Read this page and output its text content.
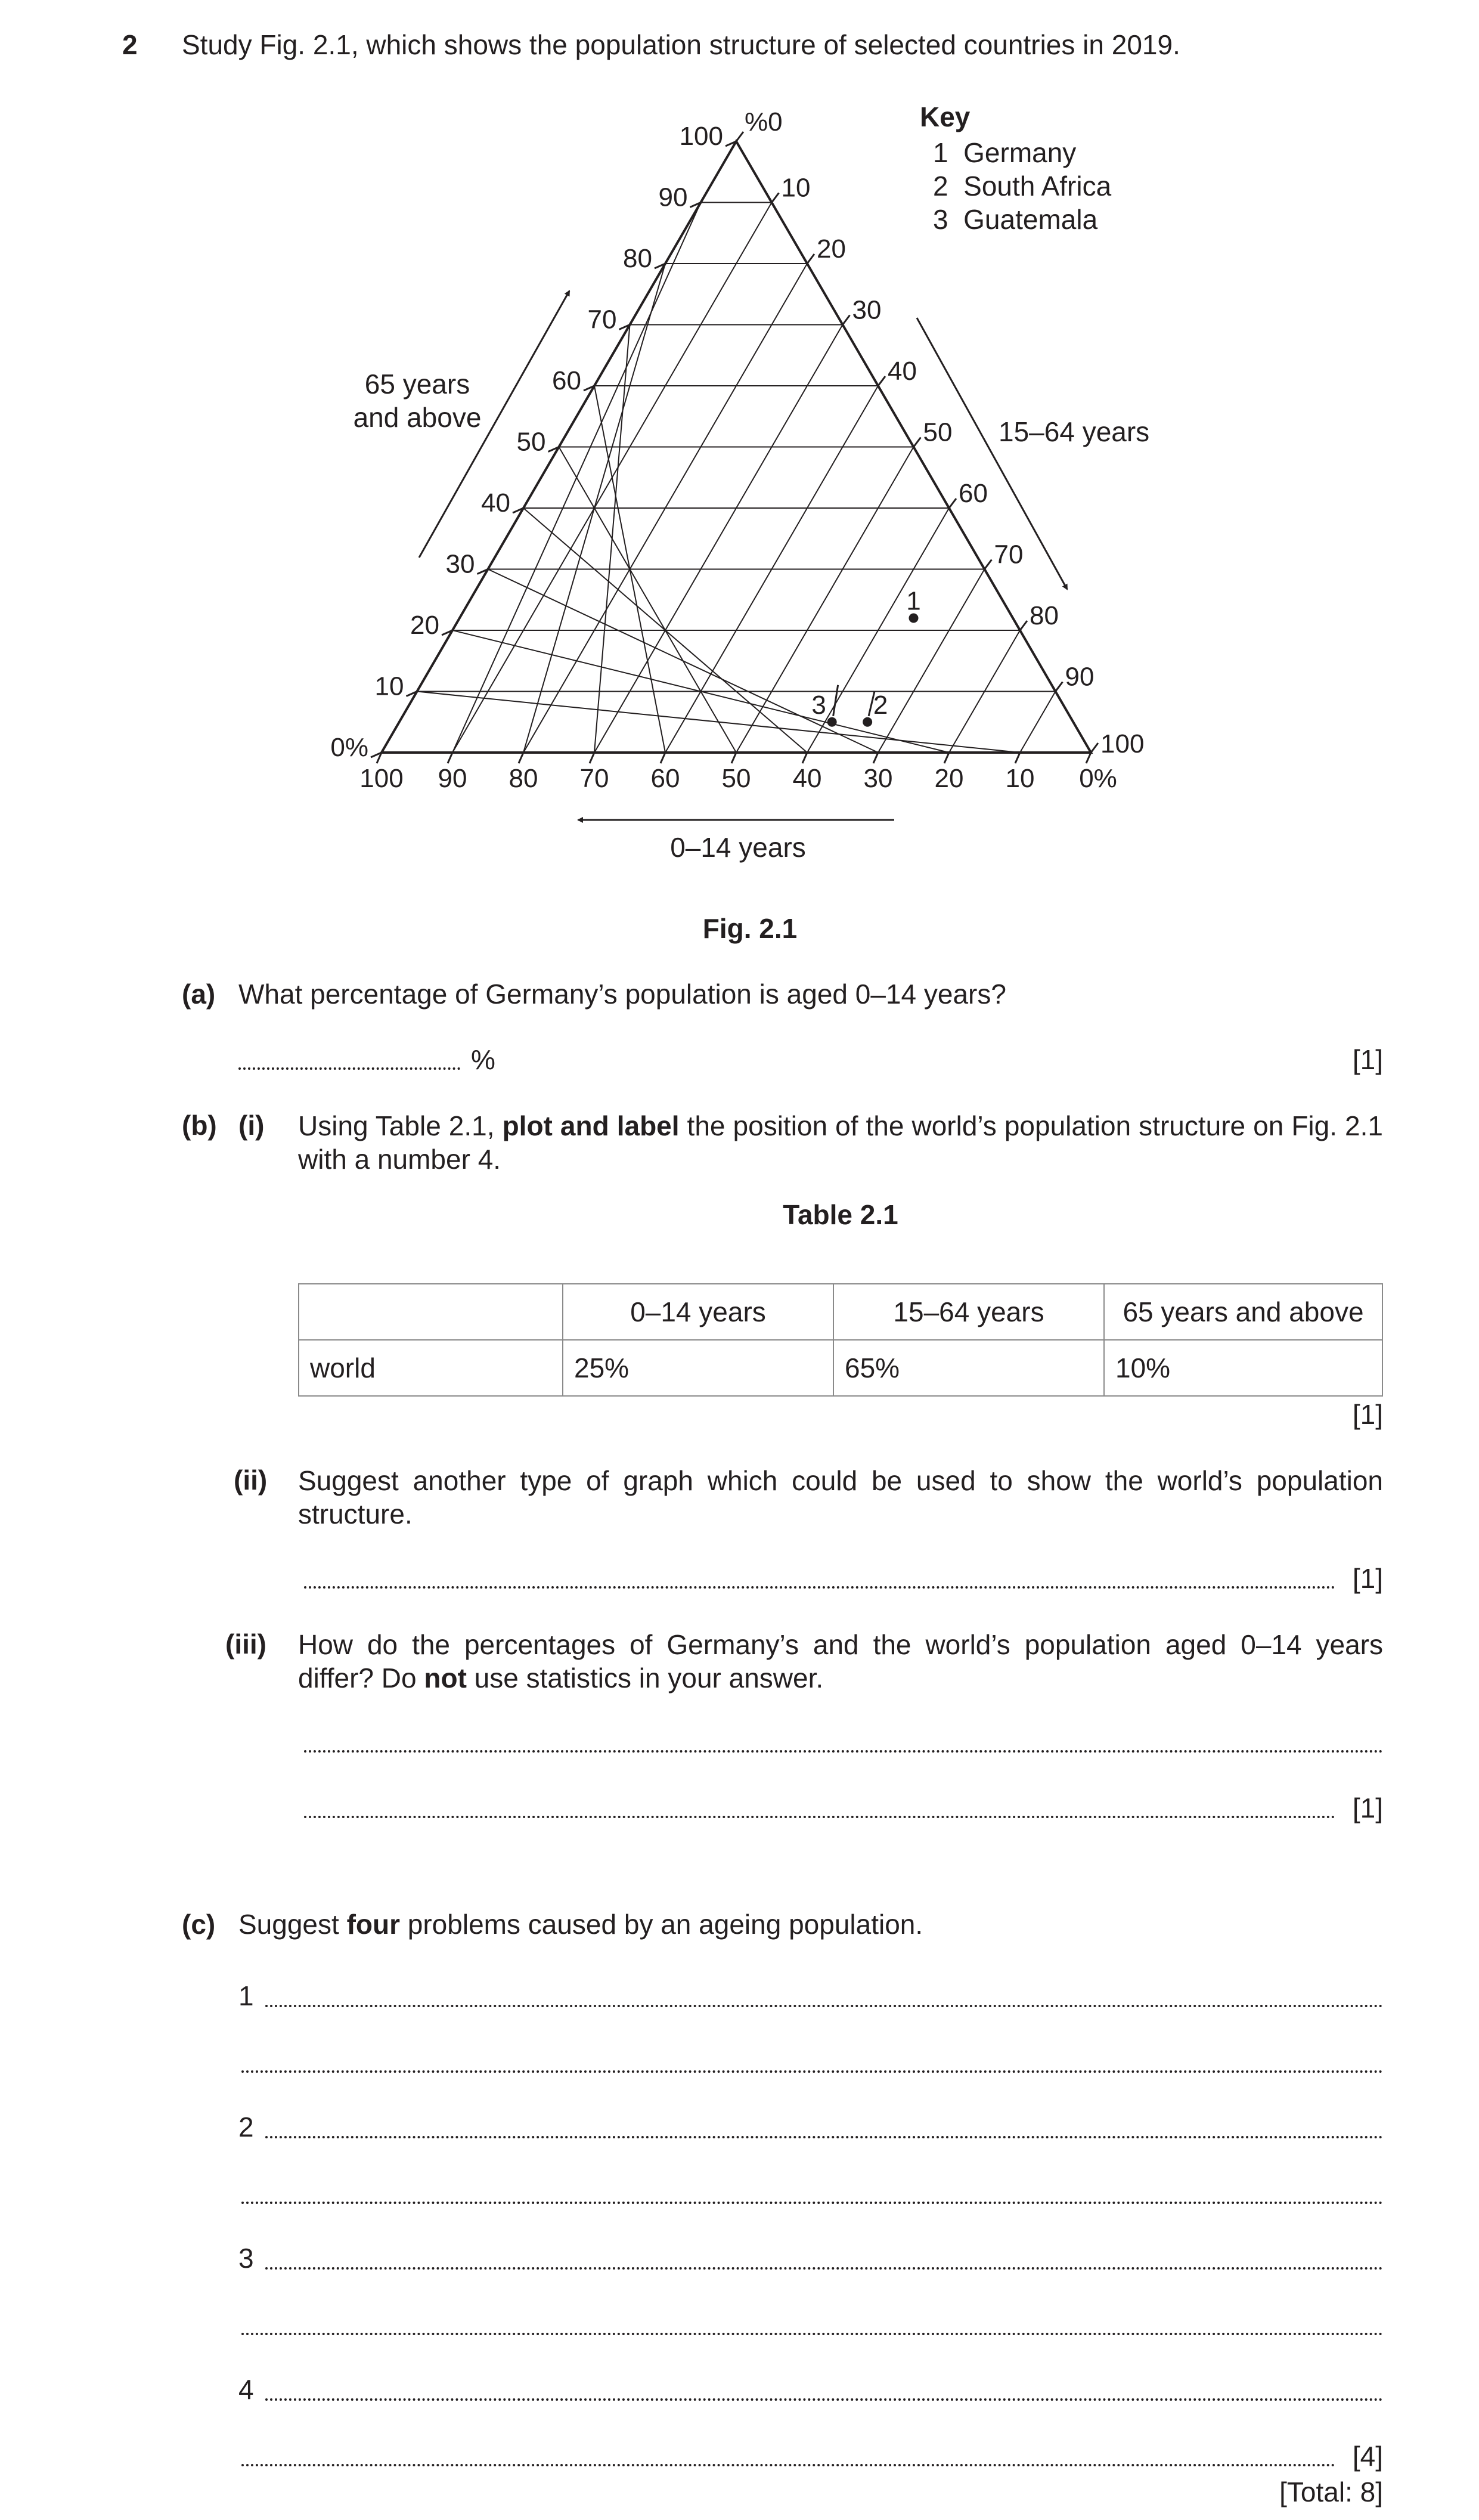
2 Study Fig. 2.1, which shows the population structure of selected countries in 2019.
0%
10
20
30
40
50
60
70
80
90
100 %0
10
20
30
40
50
60
70
80
90
100
100 90 80 70 60 50 40 30 20 10 0%
1
2
3
65 years
and above	15–64 years
0–14 years
Key
1  Germany
2  South Africa
3  Guatemala
Fig. 2.1
(a) What percentage of Germany’s population is aged 0–14 years?
%	[1]
(b) (i) Using Table 2.1, plot and label the position of the world’s population structure on Fig. 2.1 with a number 4.
Table 2.1
	0–14 years	15–64 years	65 years and above
world	25%	65%	10%
[1]
(ii) Suggest another type of graph which could be used to show the world’s population structure.
[1]
(iii) How do the percentages of Germany’s and the world’s population aged 0–14 years differ? Do not use statistics in your answer.
[1]
(c) Suggest four problems caused by an ageing population.
1
2
3
4
[4]
[Total: 8]
